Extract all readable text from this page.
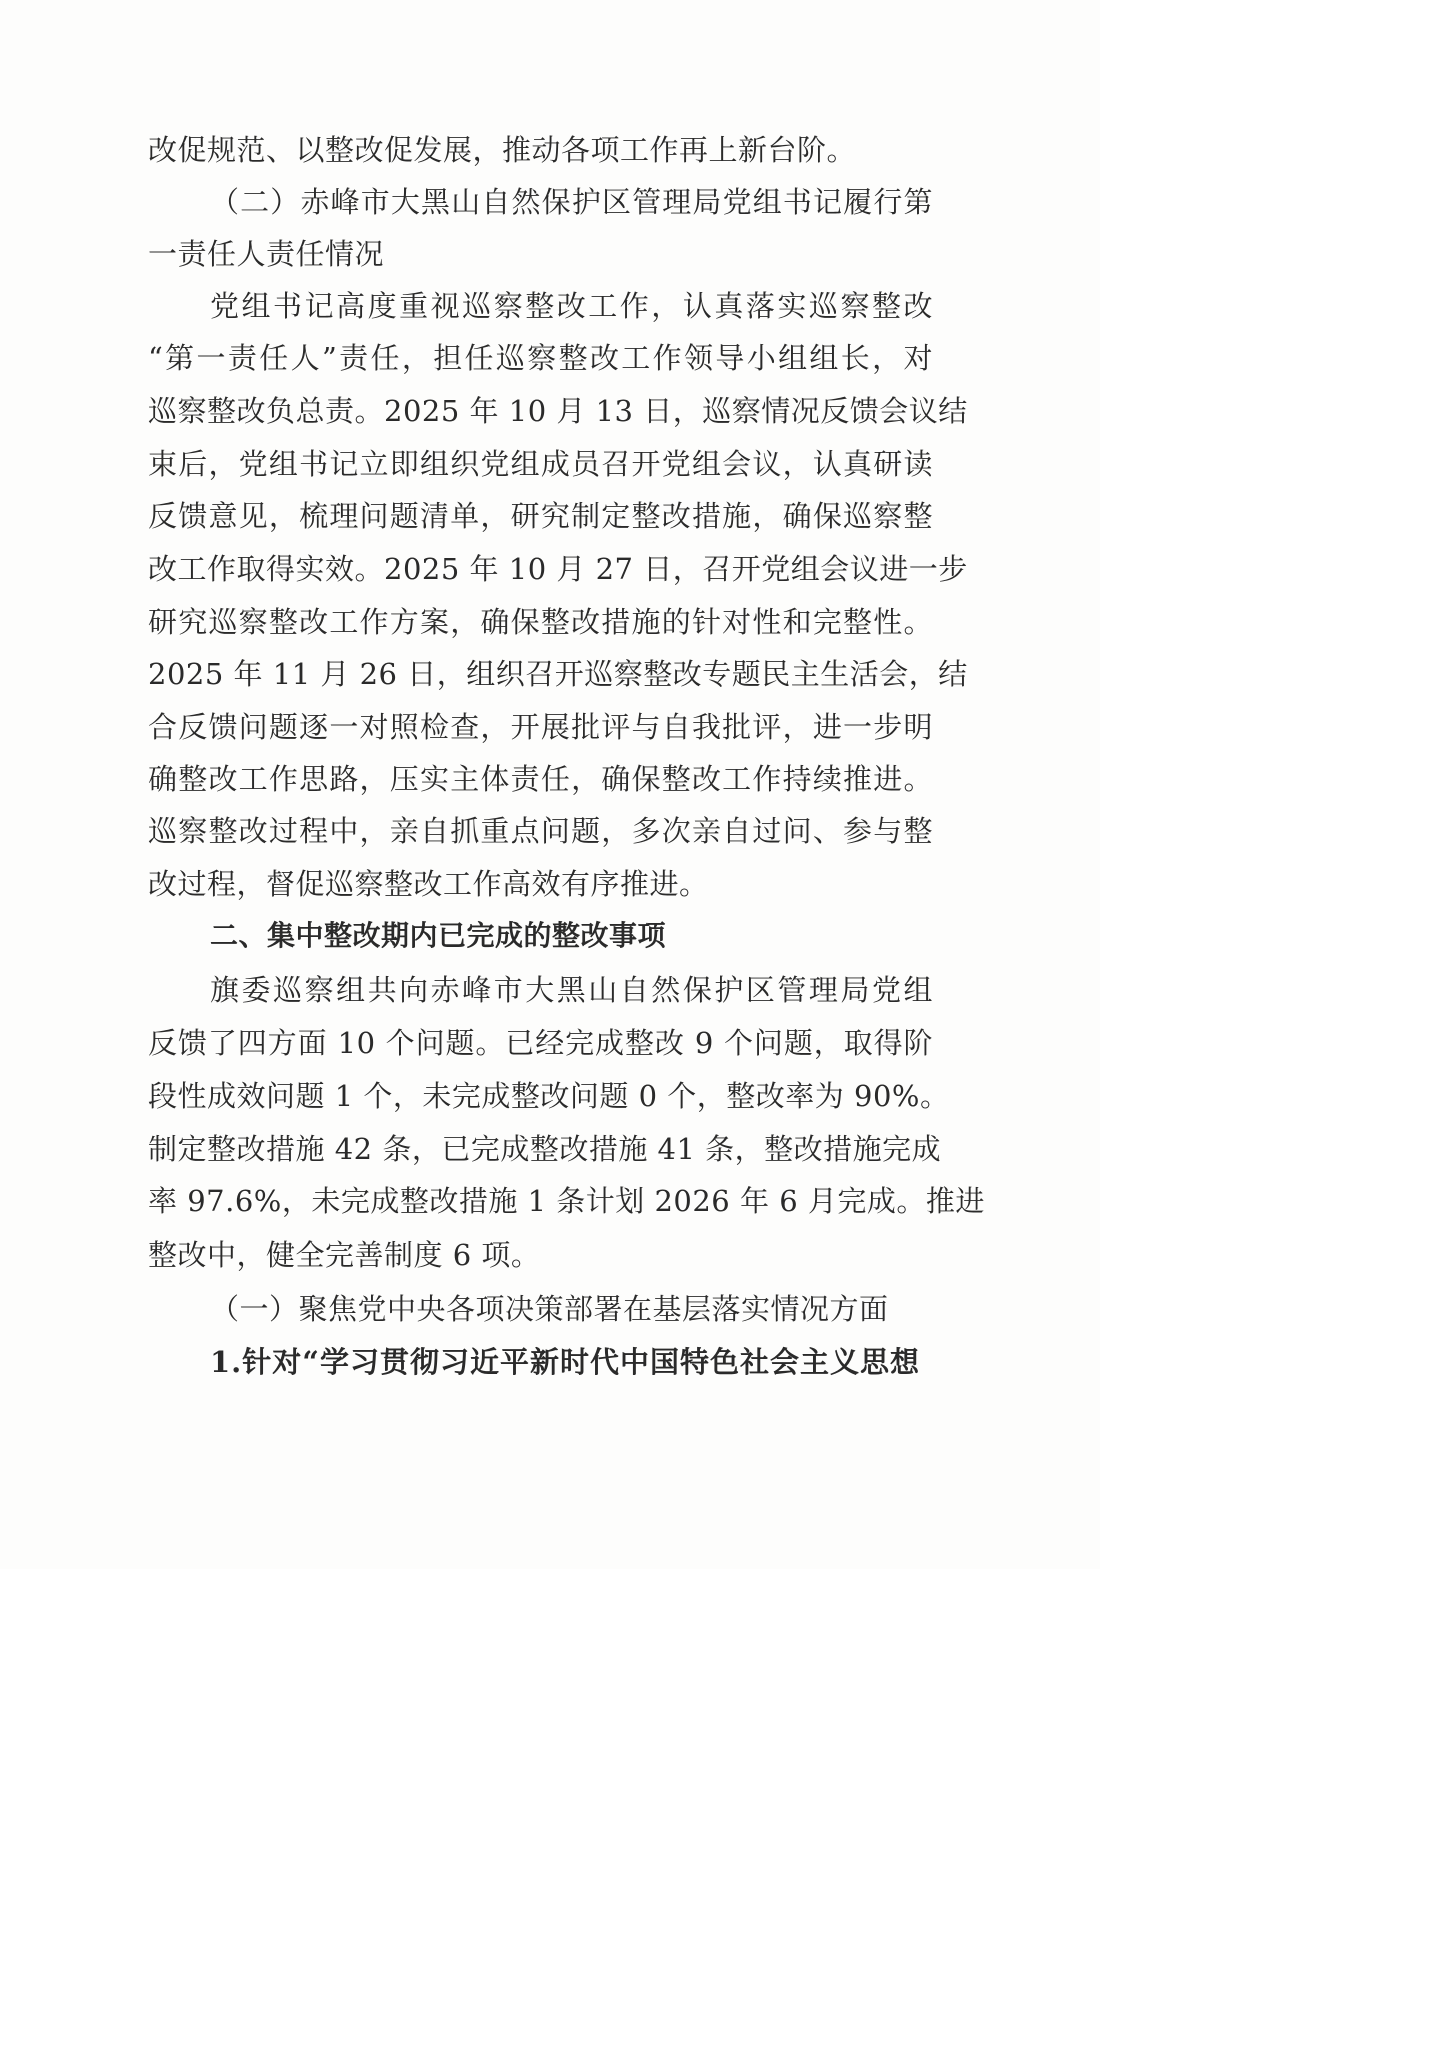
改促规范、以整改促发展，推动各项工作再上新台阶。
（二）赤峰市大黑山自然保护区管理局党组书记履行第
一责任人责任情况
党组书记高度重视巡察整改工作，认真落实巡察整改
“第一责任人”责任，担任巡察整改工作领导小组组长，对
巡察整改负总责。2025 年 10 月 13 日，巡察情况反馈会议结
束后，党组书记立即组织党组成员召开党组会议，认真研读
反馈意见，梳理问题清单，研究制定整改措施，确保巡察整
改工作取得实效。2025 年 10 月 27 日，召开党组会议进一步
研究巡察整改工作方案，确保整改措施的针对性和完整性。
2025 年 11 月 26 日，组织召开巡察整改专题民主生活会，结
合反馈问题逐一对照检查，开展批评与自我批评，进一步明
确整改工作思路，压实主体责任，确保整改工作持续推进。
巡察整改过程中，亲自抓重点问题，多次亲自过问、参与整
改过程，督促巡察整改工作高效有序推进。
二、集中整改期内已完成的整改事项
旗委巡察组共向赤峰市大黑山自然保护区管理局党组
反馈了四方面 10 个问题。已经完成整改 9 个问题，取得阶
段性成效问题 1 个，未完成整改问题 0 个，整改率为 90%。
制定整改措施 42 条，已完成整改措施 41 条，整改措施完成
率 97.6%，未完成整改措施 1 条计划 2026 年 6 月完成。推进
整改中，健全完善制度 6 项。
（一）聚焦党中央各项决策部署在基层落实情况方面
1.针对“学习贯彻习近平新时代中国特色社会主义思想
